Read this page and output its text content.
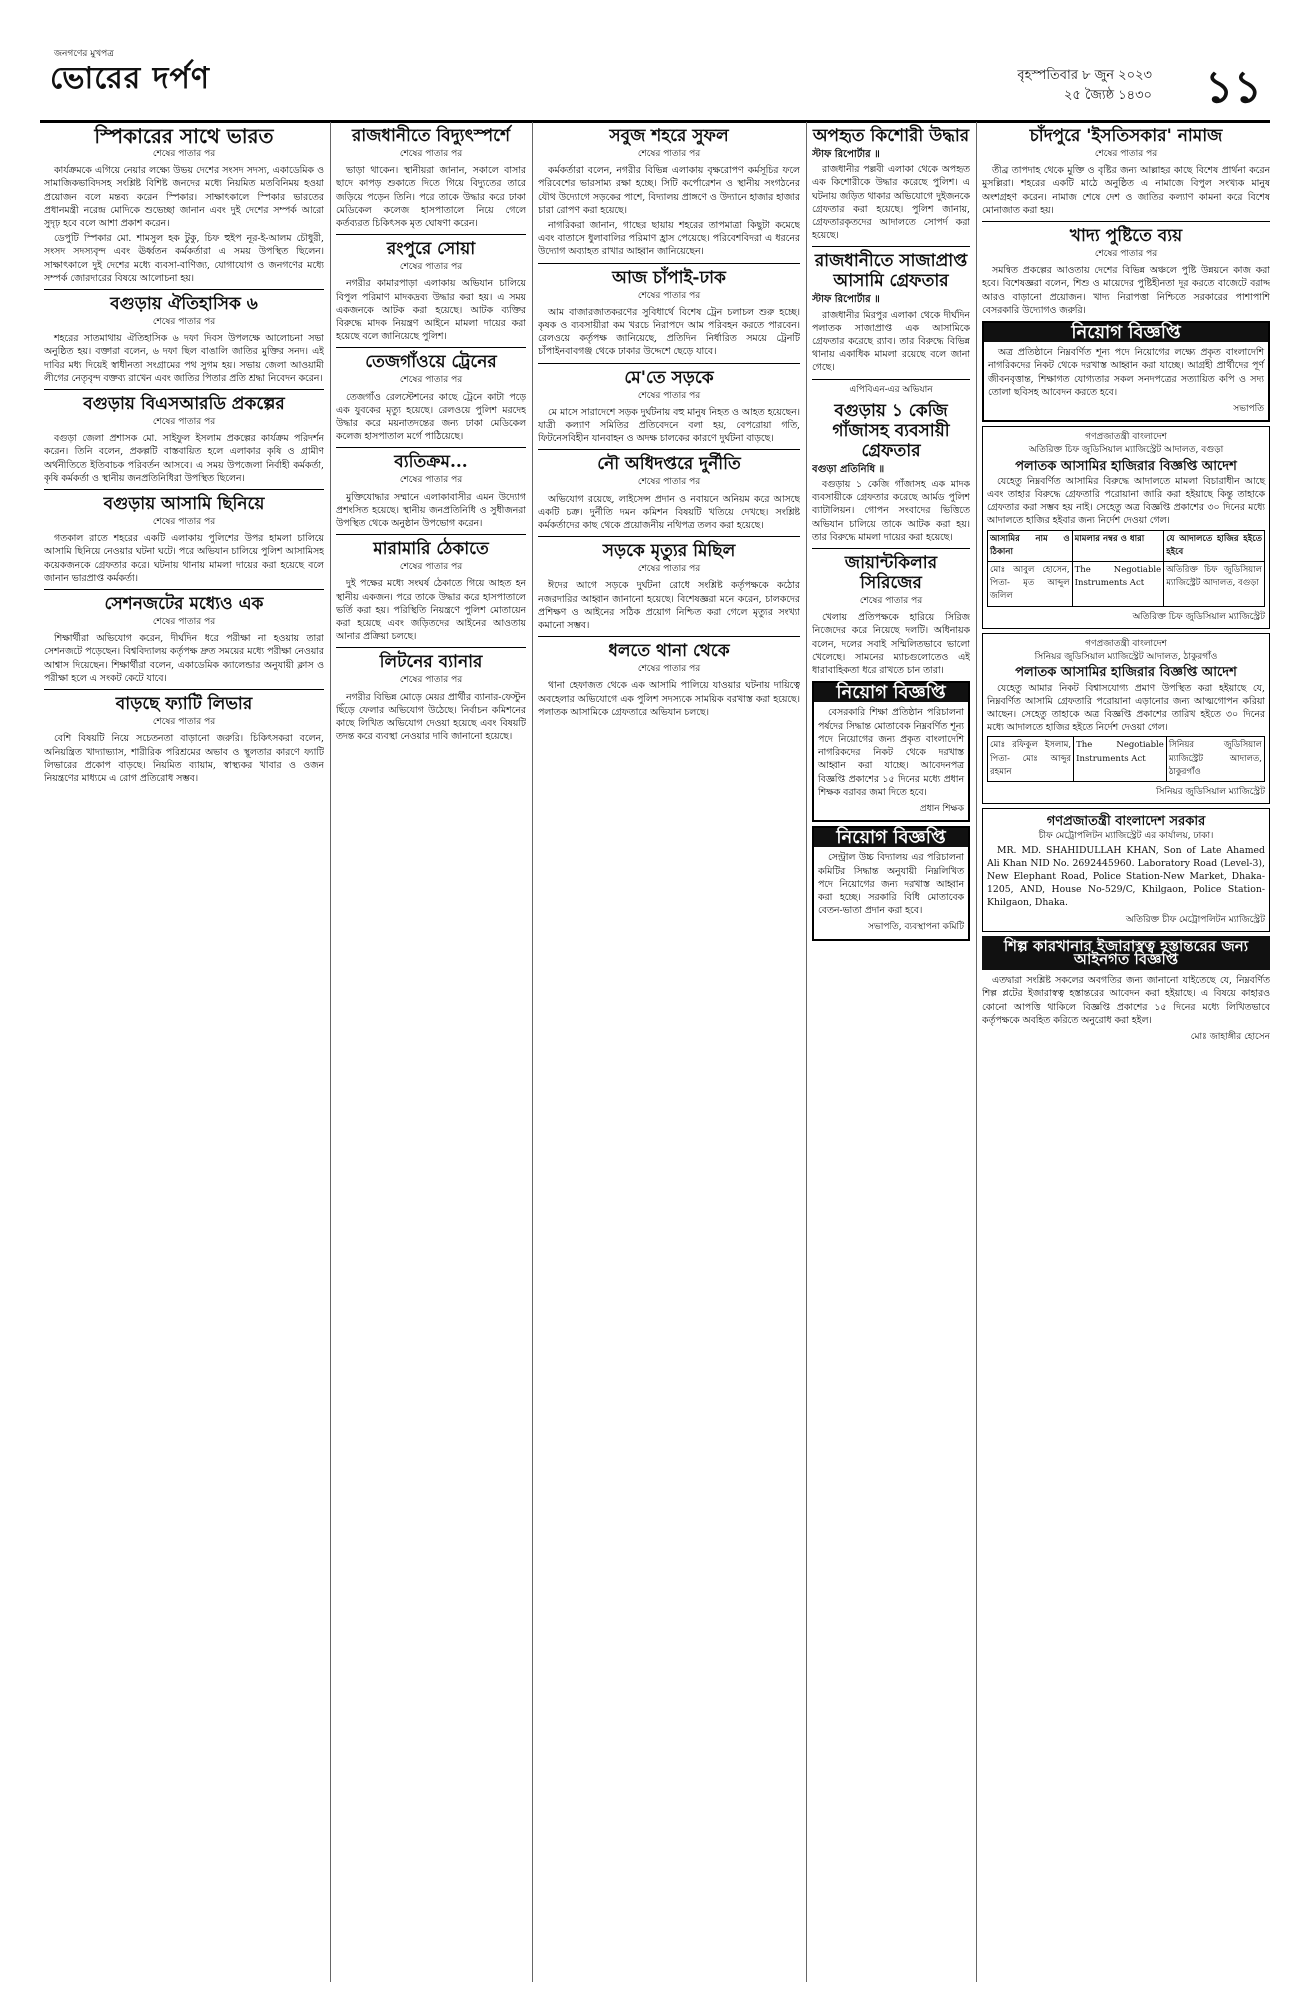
জনগণের মুখপত্র
ভোরের দর্পণ	বৃহস্পতিবার ৮ জুন ২০২৩
২৫ জ্যৈষ্ঠ ১৪৩০ ১১
স্পিকারের সাথে ভারত
শেষের পাতার পর

কার্যক্রমকে এগিয়ে নেয়ার লক্ষ্যে উভয় দেশের সংসদ সদস্য, একাডেমিক ও সামাজিকভাবিদসহ সংশ্লিষ্ট বিশিষ্ট জনদের মধ্যে নিয়মিত মতবিনিময় হওয়া প্রয়োজন বলে মন্তব্য করেন স্পিকার। সাক্ষাৎকালে স্পিকার ভারতের প্রধানমন্ত্রী নরেন্দ্র মোদিকে শুভেচ্ছা জানান এবং দুই দেশের সম্পর্ক আরো সুদৃঢ় হবে বলে আশা প্রকাশ করেন।

ডেপুটি স্পিকার মো. শামসুল হক টুকু, চিফ হুইপ নূর-ই-আলম চৌধুরী, সংসদ সদস্যবৃন্দ এবং ঊর্ধ্বতন কর্মকর্তারা এ সময় উপস্থিত ছিলেন। সাক্ষাৎকালে দুই দেশের মধ্যে ব্যবসা-বাণিজ্য, যোগাযোগ ও জনগণের মধ্যে সম্পর্ক জোরদারের বিষয়ে আলোচনা হয়।

বগুড়ায় ঐতিহাসিক ৬
শেষের পাতার পর

শহরের সাতমাথায় ঐতিহাসিক ৬ দফা দিবস উপলক্ষে আলোচনা সভা অনুষ্ঠিত হয়। বক্তারা বলেন, ৬ দফা ছিল বাঙালি জাতির মুক্তির সনদ। এই দাবির মধ্য দিয়েই স্বাধীনতা সংগ্রামের পথ সুগম হয়। সভায় জেলা আওয়ামী লীগের নেতৃবৃন্দ বক্তব্য রাখেন এবং জাতির পিতার প্রতি শ্রদ্ধা নিবেদন করেন।

বগুড়ায় বিএসআরডি প্রকল্পের
শেষের পাতার পর

বগুড়া জেলা প্রশাসক মো. সাইফুল ইসলাম প্রকল্পের কার্যক্রম পরিদর্শন করেন। তিনি বলেন, প্রকল্পটি বাস্তবায়িত হলে এলাকার কৃষি ও গ্রামীণ অর্থনীতিতে ইতিবাচক পরিবর্তন আসবে। এ সময় উপজেলা নির্বাহী কর্মকর্তা, কৃষি কর্মকর্তা ও স্থানীয় জনপ্রতিনিধিরা উপস্থিত ছিলেন।

বগুড়ায় আসামি ছিনিয়ে
শেষের পাতার পর

গতকাল রাতে শহরের একটি এলাকায় পুলিশের উপর হামলা চালিয়ে আসামি ছিনিয়ে নেওয়ার ঘটনা ঘটে। পরে অভিযান চালিয়ে পুলিশ আসামিসহ কয়েকজনকে গ্রেফতার করে। ঘটনায় থানায় মামলা দায়ের করা হয়েছে বলে জানান ভারপ্রাপ্ত কর্মকর্তা।

সেশনজটের মধ্যেও এক
শেষের পাতার পর

শিক্ষার্থীরা অভিযোগ করেন, দীর্ঘদিন ধরে পরীক্ষা না হওয়ায় তারা সেশনজটে পড়েছেন। বিশ্ববিদ্যালয় কর্তৃপক্ষ দ্রুত সময়ের মধ্যে পরীক্ষা নেওয়ার আশ্বাস দিয়েছেন। শিক্ষার্থীরা বলেন, একাডেমিক ক্যালেন্ডার অনুযায়ী ক্লাস ও পরীক্ষা হলে এ সংকট কেটে যাবে।

বাড়ছে ফ্যাটি লিভার
শেষের পাতার পর

বেশি বিষয়টি নিয়ে সচেতনতা বাড়ানো জরুরি। চিকিৎসকরা বলেন, অনিয়ন্ত্রিত খাদ্যাভ্যাস, শারীরিক পরিশ্রমের অভাব ও স্থূলতার কারণে ফ্যাটি লিভারের প্রকোপ বাড়ছে। নিয়মিত ব্যায়াম, স্বাস্থ্যকর খাবার ও ওজন নিয়ন্ত্রণের মাধ্যমে এ রোগ প্রতিরোধ সম্ভব।

রাজধানীতে বিদ্যুৎস্পর্শে
শেষের পাতার পর

ভাড়া থাকেন। স্থানীয়রা জানান, সকালে বাসার ছাদে কাপড় শুকাতে দিতে গিয়ে বিদ্যুতের তারে জড়িয়ে পড়েন তিনি। পরে তাকে উদ্ধার করে ঢাকা মেডিকেল কলেজ হাসপাতালে নিয়ে গেলে কর্তব্যরত চিকিৎসক মৃত ঘোষণা করেন।

রংপুরে সোয়া
শেষের পাতার পর

নগরীর কামারপাড়া এলাকায় অভিযান চালিয়ে বিপুল পরিমাণ মাদকদ্রব্য উদ্ধার করা হয়। এ সময় একজনকে আটক করা হয়েছে। আটক ব্যক্তির বিরুদ্ধে মাদক নিয়ন্ত্রণ আইনে মামলা দায়ের করা হয়েছে বলে জানিয়েছে পুলিশ।

তেজগাঁওয়ে ট্রেনের
শেষের পাতার পর

তেজগাঁও রেলস্টেশনের কাছে ট্রেনে কাটা পড়ে এক যুবকের মৃত্যু হয়েছে। রেলওয়ে পুলিশ মরদেহ উদ্ধার করে ময়নাতদন্তের জন্য ঢাকা মেডিকেল কলেজ হাসপাতাল মর্গে পাঠিয়েছে।

ব্যতিক্রম...
শেষের পাতার পর

মুক্তিযোদ্ধার সম্মানে এলাকাবাসীর এমন উদ্যোগ প্রশংসিত হয়েছে। স্থানীয় জনপ্রতিনিধি ও সুধীজনরা উপস্থিত থেকে অনুষ্ঠান উপভোগ করেন।

মারামারি ঠেকাতে
শেষের পাতার পর

দুই পক্ষের মধ্যে সংঘর্ষ ঠেকাতে গিয়ে আহত হন স্থানীয় একজন। পরে তাকে উদ্ধার করে হাসপাতালে ভর্তি করা হয়। পরিস্থিতি নিয়ন্ত্রণে পুলিশ মোতায়েন করা হয়েছে এবং জড়িতদের আইনের আওতায় আনার প্রক্রিয়া চলছে।

লিটনের ব্যানার
শেষের পাতার পর

নগরীর বিভিন্ন মোড়ে মেয়র প্রার্থীর ব্যানার-ফেস্টুন ছিঁড়ে ফেলার অভিযোগ উঠেছে। নির্বাচন কমিশনের কাছে লিখিত অভিযোগ দেওয়া হয়েছে এবং বিষয়টি তদন্ত করে ব্যবস্থা নেওয়ার দাবি জানানো হয়েছে।

সবুজ শহরে সুফল
শেষের পাতার পর

কর্মকর্তারা বলেন, নগরীর বিভিন্ন এলাকায় বৃক্ষরোপণ কর্মসূচির ফলে পরিবেশের ভারসাম্য রক্ষা হচ্ছে। সিটি কর্পোরেশন ও স্থানীয় সংগঠনের যৌথ উদ্যোগে সড়কের পাশে, বিদ্যালয় প্রাঙ্গণে ও উদ্যানে হাজার হাজার চারা রোপণ করা হয়েছে।

নাগরিকরা জানান, গাছের ছায়ায় শহরের তাপমাত্রা কিছুটা কমেছে এবং বাতাসে ধুলাবালির পরিমাণ হ্রাস পেয়েছে। পরিবেশবিদরা এ ধরনের উদ্যোগ অব্যাহত রাখার আহ্বান জানিয়েছেন।

আজ চাঁপাই-ঢাক
শেষের পাতার পর

আম বাজারজাতকরণের সুবিধার্থে বিশেষ ট্রেন চলাচল শুরু হচ্ছে। কৃষক ও ব্যবসায়ীরা কম খরচে নিরাপদে আম পরিবহন করতে পারবেন। রেলওয়ে কর্তৃপক্ষ জানিয়েছে, প্রতিদিন নির্ধারিত সময়ে ট্রেনটি চাঁপাইনবাবগঞ্জ থেকে ঢাকার উদ্দেশে ছেড়ে যাবে।

মে'তে সড়কে
শেষের পাতার পর

মে মাসে সারাদেশে সড়ক দুর্ঘটনায় বহু মানুষ নিহত ও আহত হয়েছেন। যাত্রী কল্যাণ সমিতির প্রতিবেদনে বলা হয়, বেপরোয়া গতি, ফিটনেসবিহীন যানবাহন ও অদক্ষ চালকের কারণে দুর্ঘটনা বাড়ছে।

নৌ অধিদপ্তরে দুর্নীতি
শেষের পাতার পর

অভিযোগ রয়েছে, লাইসেন্স প্রদান ও নবায়নে অনিয়ম করে আসছে একটি চক্র। দুর্নীতি দমন কমিশন বিষয়টি খতিয়ে দেখছে। সংশ্লিষ্ট কর্মকর্তাদের কাছ থেকে প্রয়োজনীয় নথিপত্র তলব করা হয়েছে।

সড়কে মৃত্যুর মিছিল
শেষের পাতার পর

ঈদের আগে সড়কে দুর্ঘটনা রোধে সংশ্লিষ্ট কর্তৃপক্ষকে কঠোর নজরদারির আহ্বান জানানো হয়েছে। বিশেষজ্ঞরা মনে করেন, চালকদের প্রশিক্ষণ ও আইনের সঠিক প্রয়োগ নিশ্চিত করা গেলে মৃত্যুর সংখ্যা কমানো সম্ভব।

ধলতে থানা থেকে
শেষের পাতার পর

থানা হেফাজত থেকে এক আসামি পালিয়ে যাওয়ার ঘটনায় দায়িত্বে অবহেলার অভিযোগে এক পুলিশ সদস্যকে সাময়িক বরখাস্ত করা হয়েছে। পলাতক আসামিকে গ্রেফতারে অভিযান চলছে।

অপহৃত কিশোরী উদ্ধার
স্টাফ রিপোর্টার ॥

রাজধানীর পল্লবী এলাকা থেকে অপহৃত এক কিশোরীকে উদ্ধার করেছে পুলিশ। এ ঘটনায় জড়িত থাকার অভিযোগে দুইজনকে গ্রেফতার করা হয়েছে। পুলিশ জানায়, গ্রেফতারকৃতদের আদালতে সোপর্দ করা হয়েছে।

রাজধানীতে সাজাপ্রাপ্ত আসামি গ্রেফতার
স্টাফ রিপোর্টার ॥

রাজধানীর মিরপুর এলাকা থেকে দীর্ঘদিন পলাতক সাজাপ্রাপ্ত এক আসামিকে গ্রেফতার করেছে র‍্যাব। তার বিরুদ্ধে বিভিন্ন থানায় একাধিক মামলা রয়েছে বলে জানা গেছে।

এপিবিএন-এর অভিযান
বগুড়ায় ১ কেজি গাঁজাসহ ব্যবসায়ী গ্রেফতার
বগুড়া প্রতিনিধি ॥

বগুড়ায় ১ কেজি গাঁজাসহ এক মাদক ব্যবসায়ীকে গ্রেফতার করেছে আর্মড পুলিশ ব্যাটালিয়ন। গোপন সংবাদের ভিত্তিতে অভিযান চালিয়ে তাকে আটক করা হয়। তার বিরুদ্ধে মামলা দায়ের করা হয়েছে।

জায়ান্টকিলার সিরিজের
শেষের পাতার পর

খেলায় প্রতিপক্ষকে হারিয়ে সিরিজ নিজেদের করে নিয়েছে দলটি। অধিনায়ক বলেন, দলের সবাই সম্মিলিতভাবে ভালো খেলেছে। সামনের ম্যাচগুলোতেও এই ধারাবাহিকতা ধরে রাখতে চান তারা।

নিয়োগ বিজ্ঞপ্তি

বেসরকারি শিক্ষা প্রতিষ্ঠান পরিচালনা পর্ষদের সিদ্ধান্ত মোতাবেক নিম্নবর্ণিত শূন্য পদে নিয়োগের জন্য প্রকৃত বাংলাদেশি নাগরিকদের নিকট থেকে দরখাস্ত আহ্বান করা যাচ্ছে। আবেদনপত্র বিজ্ঞপ্তি প্রকাশের ১৫ দিনের মধ্যে প্রধান শিক্ষক বরাবর জমা দিতে হবে।

প্রধান শিক্ষক
নিয়োগ বিজ্ঞপ্তি

সেন্ট্রাল উচ্চ বিদ্যালয় এর পরিচালনা কমিটির সিদ্ধান্ত অনুযায়ী নিম্নলিখিত পদে নিয়োগের জন্য দরখাস্ত আহ্বান করা হচ্ছে। সরকারি বিধি মোতাবেক বেতন-ভাতা প্রদান করা হবে।

সভাপতি, ব্যবস্থাপনা কমিটি
চাঁদপুরে 'ইসতিসকার' নামাজ
শেষের পাতার পর

তীব্র তাপদাহ থেকে মুক্তি ও বৃষ্টির জন্য আল্লাহর কাছে বিশেষ প্রার্থনা করেন মুসল্লিরা। শহরের একটি মাঠে অনুষ্ঠিত এ নামাজে বিপুল সংখ্যক মানুষ অংশগ্রহণ করেন। নামাজ শেষে দেশ ও জাতির কল্যাণ কামনা করে বিশেষ মোনাজাত করা হয়।

খাদ্য পুষ্টিতে ব্যয়
শেষের পাতার পর

সমন্বিত প্রকল্পের আওতায় দেশের বিভিন্ন অঞ্চলে পুষ্টি উন্নয়নে কাজ করা হবে। বিশেষজ্ঞরা বলেন, শিশু ও মায়েদের পুষ্টিহীনতা দূর করতে বাজেটে বরাদ্দ আরও বাড়ানো প্রয়োজন। খাদ্য নিরাপত্তা নিশ্চিতে সরকারের পাশাপাশি বেসরকারি উদ্যোগও জরুরি।

নিয়োগ বিজ্ঞপ্তি

অত্র প্রতিষ্ঠানে নিম্নবর্ণিত শূন্য পদে নিয়োগের লক্ষ্যে প্রকৃত বাংলাদেশি নাগরিকদের নিকট থেকে দরখাস্ত আহ্বান করা যাচ্ছে। আগ্রহী প্রার্থীদের পূর্ণ জীবনবৃত্তান্ত, শিক্ষাগত যোগ্যতার সকল সনদপত্রের সত্যায়িত কপি ও সদ্য তোলা ছবিসহ আবেদন করতে হবে।

সভাপতি
গণপ্রজাতন্ত্রী বাংলাদেশ
অতিরিক্ত চিফ জুডিসিয়াল ম্যাজিস্ট্রেট আদালত, বগুড়া
পলাতক আসামির হাজিরার বিজ্ঞপ্তি আদেশ

যেহেতু নিম্নবর্ণিত আসামির বিরুদ্ধে আদালতে মামলা বিচারাধীন আছে এবং তাহার বিরুদ্ধে গ্রেফতারি পরোয়ানা জারি করা হইয়াছে কিন্তু তাহাকে গ্রেফতার করা সম্ভব হয় নাই। সেহেতু অত্র বিজ্ঞপ্তি প্রকাশের ৩০ দিনের মধ্যে আদালতে হাজির হইবার জন্য নির্দেশ দেওয়া গেল।

আসামির নাম ও ঠিকানা	মামলার নম্বর ও ধারা	যে আদালতে হাজির হইতে হইবে
মোঃ আবুল হোসেন, পিতা- মৃত আব্দুল জলিল	The Negotiable Instruments Act	অতিরিক্ত চিফ জুডিসিয়াল ম্যাজিস্ট্রেট আদালত, বগুড়া
অতিরিক্ত চিফ জুডিসিয়াল ম্যাজিস্ট্রেট
গণপ্রজাতন্ত্রী বাংলাদেশ
সিনিয়র জুডিসিয়াল ম্যাজিস্ট্রেট আদালত, ঠাকুরগাঁও
পলাতক আসামির হাজিরার বিজ্ঞপ্তি আদেশ

যেহেতু আমার নিকট বিশ্বাসযোগ্য প্রমাণ উপস্থিত করা হইয়াছে যে, নিম্নবর্ণিত আসামি গ্রেফতারি পরোয়ানা এড়ানোর জন্য আত্মগোপন করিয়া আছেন। সেহেতু তাহাকে অত্র বিজ্ঞপ্তি প্রকাশের তারিখ হইতে ৩০ দিনের মধ্যে আদালতে হাজির হইতে নির্দেশ দেওয়া গেল।

মোঃ রফিকুল ইসলাম, পিতা- মোঃ আব্দুর রহমান	The Negotiable Instruments Act	সিনিয়র জুডিসিয়াল ম্যাজিস্ট্রেট আদালত, ঠাকুরগাঁও
সিনিয়র জুডিসিয়াল ম্যাজিস্ট্রেট
গণপ্রজাতন্ত্রী বাংলাদেশ সরকার
চীফ মেট্রোপলিটন ম্যাজিস্ট্রেট এর কার্যালয়, ঢাকা।

MR. MD. SHAHIDULLAH KHAN, Son of Late Ahamed Ali Khan NID No. 2692445960. Laboratory Road (Level-3), New Elephant Road, Police Station-New Market, Dhaka-1205, AND, House No-529/C, Khilgaon, Police Station-Khilgaon, Dhaka.

অতিরিক্ত চীফ মেট্রোপলিটন ম্যাজিস্ট্রেট
শিল্প কারখানার ইজারাস্বত্ব হস্তান্তরের জন্য আইনগত বিজ্ঞপ্তি

এতদ্বারা সংশ্লিষ্ট সকলের অবগতির জন্য জানানো যাইতেছে যে, নিম্নবর্ণিত শিল্প প্লটের ইজারাস্বত্ব হস্তান্তরের আবেদন করা হইয়াছে। এ বিষয়ে কাহারও কোনো আপত্তি থাকিলে বিজ্ঞপ্তি প্রকাশের ১৫ দিনের মধ্যে লিখিতভাবে কর্তৃপক্ষকে অবহিত করিতে অনুরোধ করা হইল।

মোঃ জাহাঙ্গীর হোসেন
